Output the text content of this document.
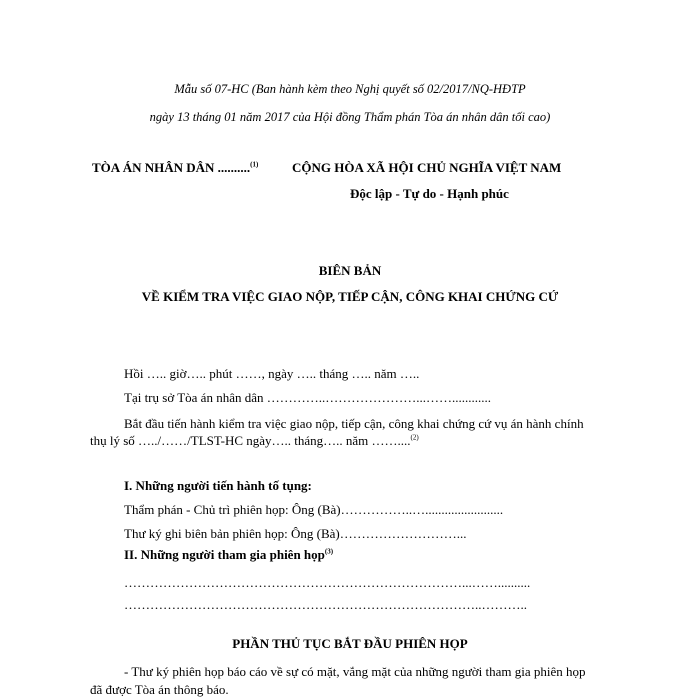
Mẫu số 07-HC (Ban hành kèm theo Nghị quyết số 02/2017/NQ-HĐTP
ngày 13 tháng 01 năm 2017 của Hội đồng Thẩm phán Tòa án nhân dân tối cao)
TÒA ÁN NHÂN DÂN ..........$^{(1)}$	CỘNG HÒA XÃ HỘI CHỦ NGHĨA VIỆT NAM
Độc lập - Tự do - Hạnh phúc
BIÊN BẢN
VỀ KIỂM TRA VIỆC GIAO NỘP, TIẾP CẬN, CÔNG KHAI CHỨNG CỨ
Hồi ….. giờ….. phút ……, ngày ….. tháng ….. năm …..
Tại trụ sở Tòa án nhân dân …………..…………………...……............
Bắt đầu tiến hành kiểm tra việc giao nộp, tiếp cận, công khai chứng cứ vụ án hành chính
thụ lý số …../……/TLST-HC ngày….. tháng….. năm ……....$^{(2)}$
I. Những người tiến hành tố tụng:
Thẩm phán - Chủ trì phiên họp: Ông (Bà)……………..…........................
Thư ký ghi biên bản phiên họp: Ông (Bà)………………………...
II. Những người tham gia phiên họp$^{(3)}$
……………………………………………………………………...……..........
………………………………………………………………………..………..
PHẦN THỦ TỤC BẮT ĐẦU PHIÊN HỌP
- Thư ký phiên họp báo cáo về sự có mặt, vắng mặt của những người tham gia phiên họp
đã được Tòa án thông báo.
